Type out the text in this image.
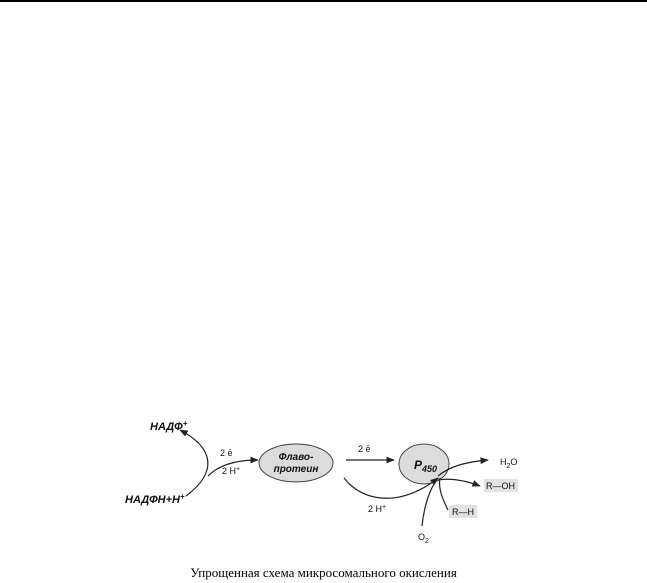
НАДФ+
НАДФН+Н+
2 ē
2 H+
Флаво-
протеин
2 ē
$P_{450}$
2 H+
$H_2O$
R—OH
R—H
$O_2$
Упрощенная схема микросомального окисления
